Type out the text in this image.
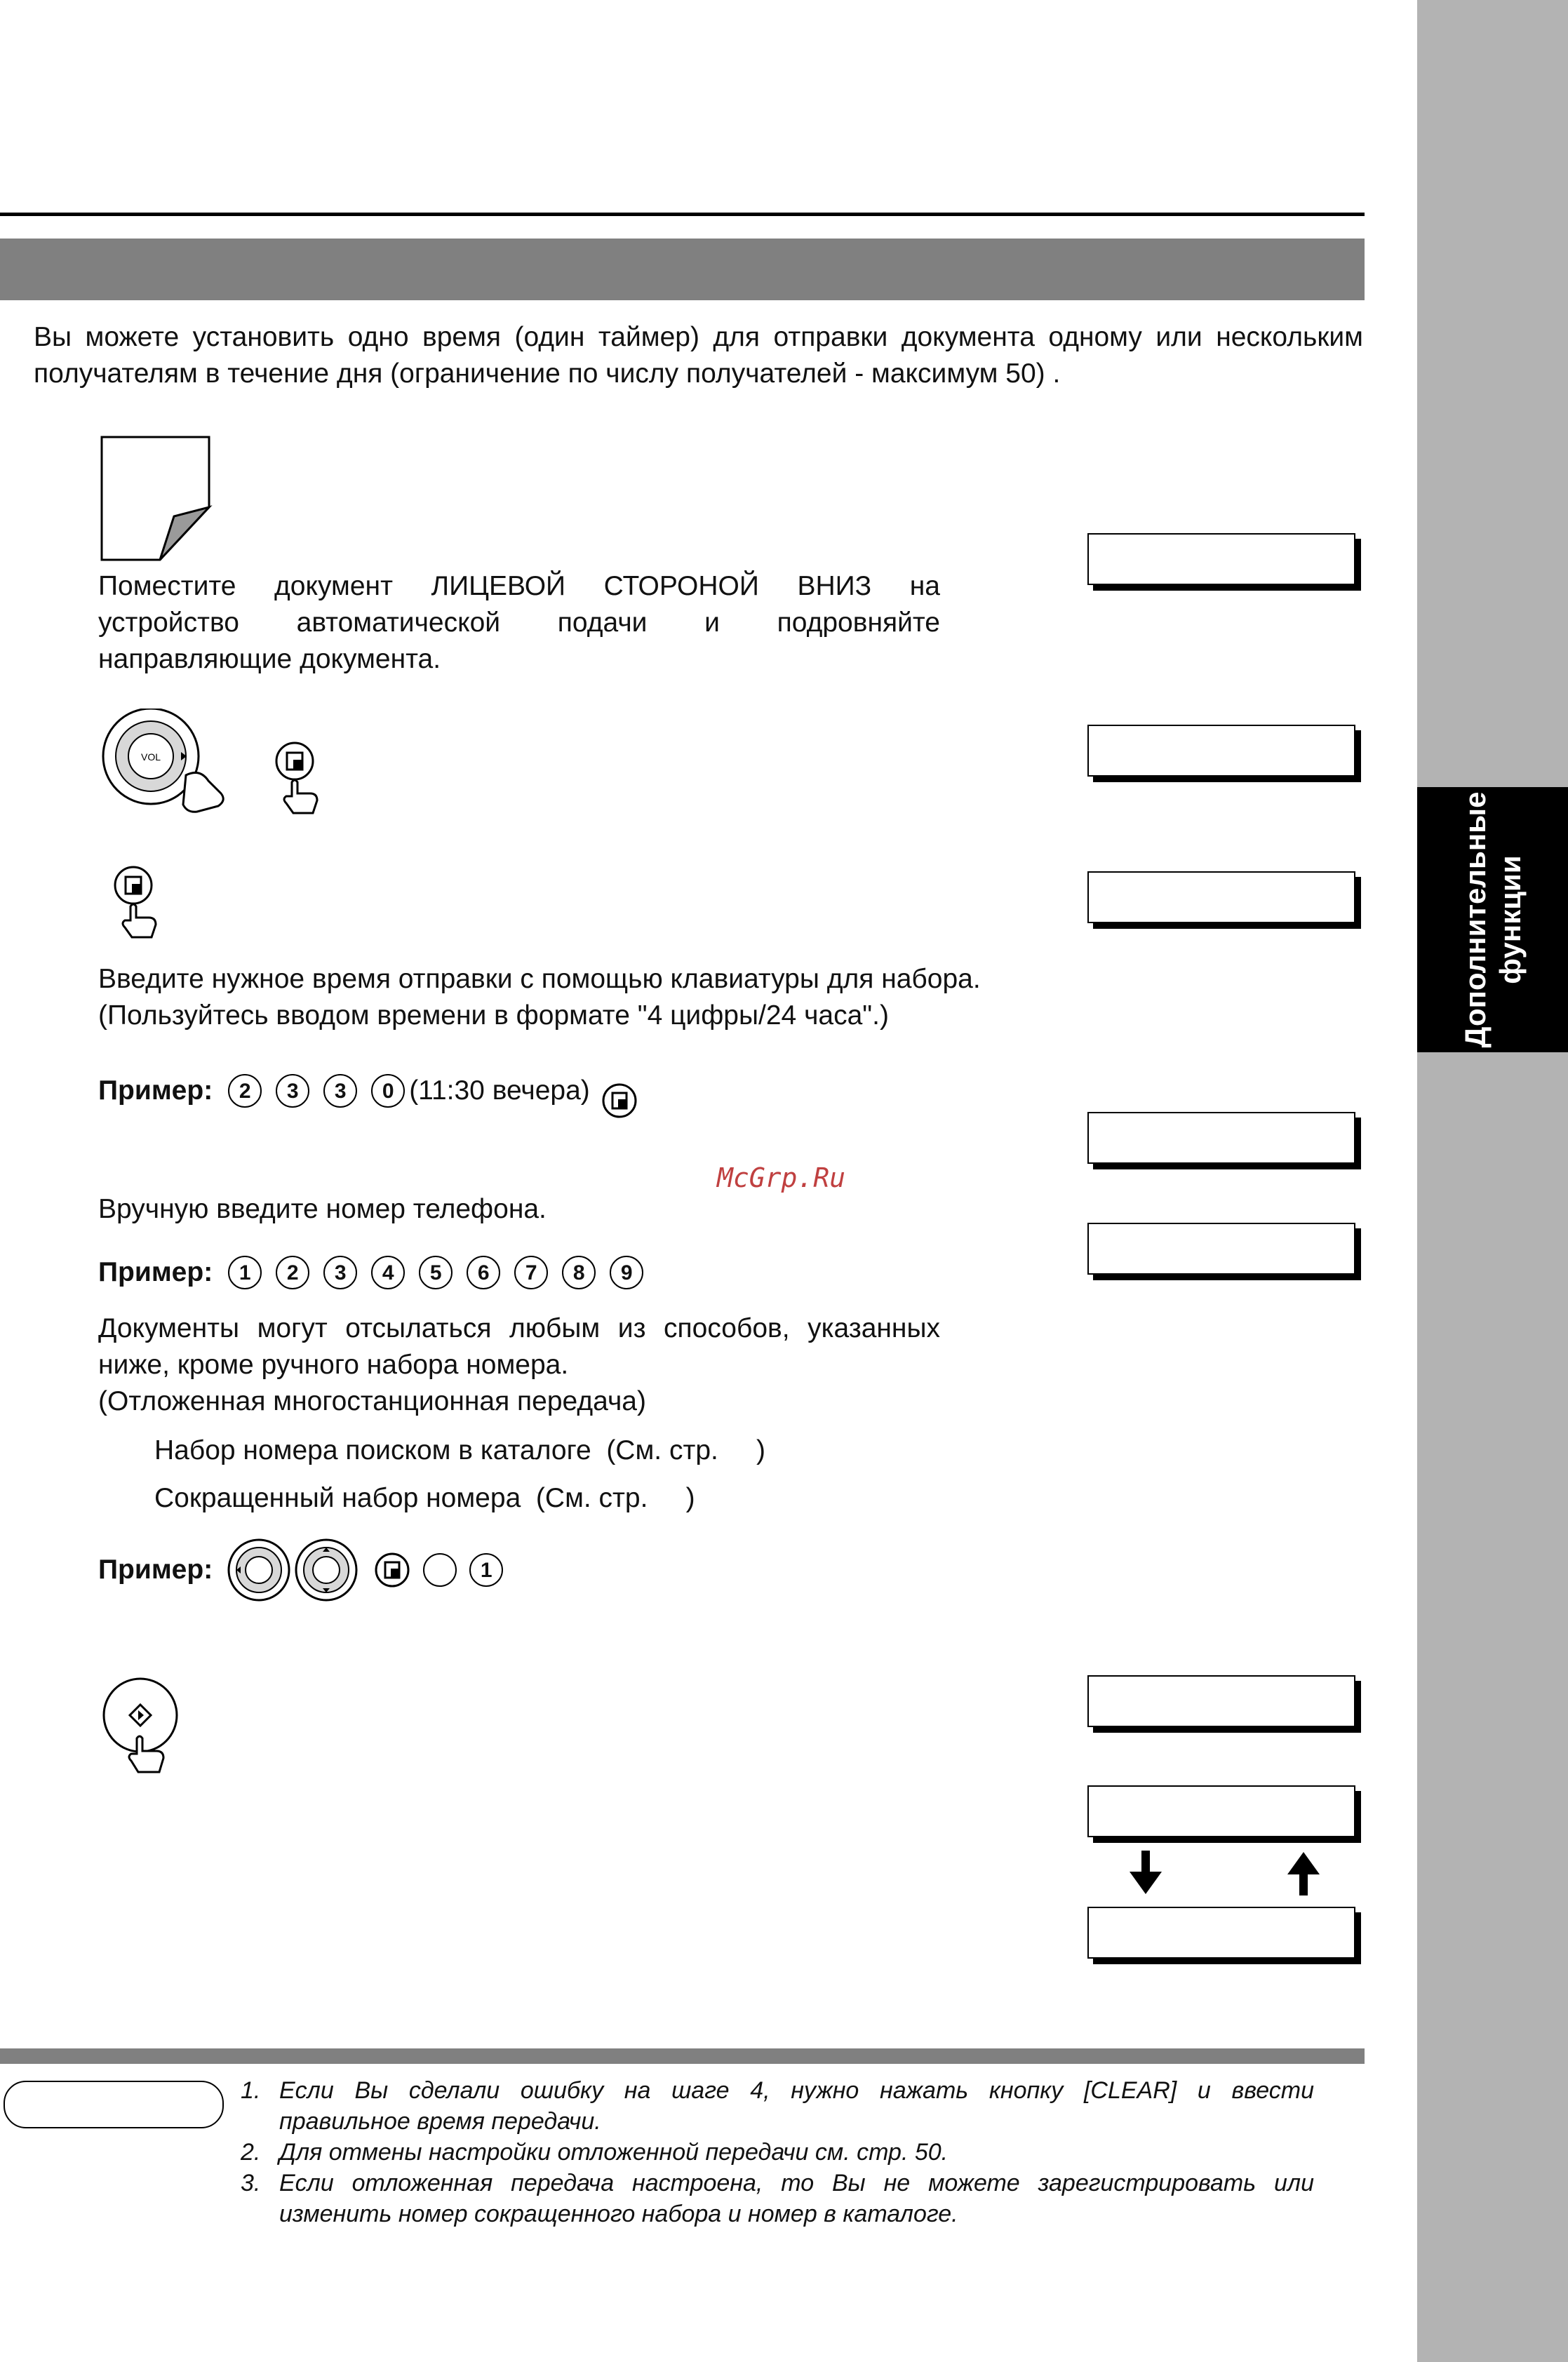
Дополнительные функции
Вы можете установить одно время (один таймер) для отправки документа одному или нескольким получателям в течение дня (ограничение по числу получателей - максимум 50) .
Поместите документ ЛИЦЕВОЙ СТОРОНОЙ ВНИЗ на
устройство автоматической подачи и подровняйте
направляющие документа.
VOL
Введите нужное время отправки с помощью клавиатуры для набора.
(Пользуйтесь вводом времени в формате "4 цифры/24 часа".)
Пример:	2	3	3	0 (11:30 вечера)
McGrp.Ru
Вручную введите номер телефона.
Пример:	1	2	3	4	5	6	7	8	9
Документы могут отсылаться любым из способов, указанных
ниже, кроме ручного набора номера.
(Отложенная многостанционная передача)
Набор номера поиском в каталоге  (См. стр.     )
Сокращенный набор номера  (См. стр.     )
Пример:	1
1. Если Вы сделали ошибку на шаге 4, нужно нажать кнопку [CLEAR] и ввести
правильное время передачи.
2. Для отмены настройки отложенной передачи см. стр. 50.
3. Если отложенная передача настроена, то Вы не можете зарегистрировать или
изменить номер сокращенного набора и номер в каталоге.
